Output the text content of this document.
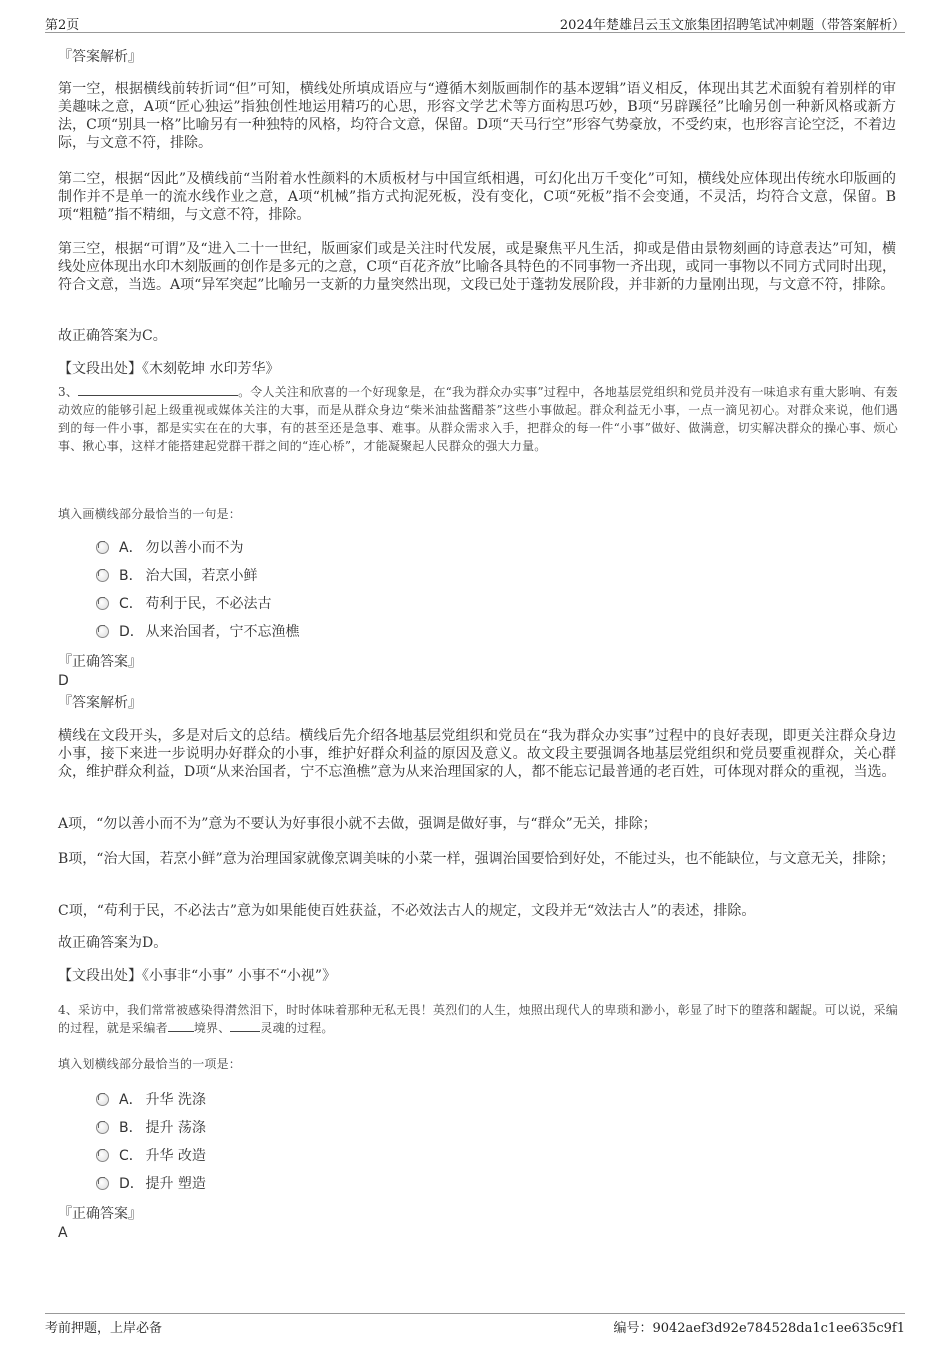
第2页	2024年楚雄吕云玉文旅集团招聘笔试冲刺题（带答案解析）

『答案解析』

第一空，根据横线前转折词“但”可知，横线处所填成语应与“遵循木刻版画制作的基本逻辑”语义相反，体现出其艺术面貌有着别样的审美趣味之意，A项“匠心独运”指独创性地运用精巧的心思，形容文学艺术等方面构思巧妙，B项“另辟蹊径”比喻另创一种新风格或新方法，C项“别具一格”比喻另有一种独特的风格，均符合文意，保留。D项“天马行空”形容气势豪放，不受约束，也形容言论空泛，不着边际，与文意不符，排除。

第二空，根据“因此”及横线前“当附着水性颜料的木质板材与中国宣纸相遇，可幻化出万千变化”可知，横线处应体现出传统水印版画的制作并不是单一的流水线作业之意，A项“机械”指方式拘泥死板，没有变化，C项“死板”指不会变通，不灵活，均符合文意，保留。B项“粗糙”指不精细，与文意不符，排除。

第三空，根据“可谓”及“进入二十一世纪，版画家们或是关注时代发展，或是聚焦平凡生活，抑或是借由景物刻画的诗意表达”可知，横线处应体现出水印木刻版画的创作是多元的之意，C项“百花齐放”比喻各具特色的不同事物一齐出现，或同一事物以不同方式同时出现，符合文意，当选。A项“异军突起”比喻另一支新的力量突然出现，文段已处于蓬勃发展阶段，并非新的力量刚出现，与文意不符，排除。

故正确答案为C。

【文段出处】《木刻乾坤 水印芳华》

3、	。令人关注和欣喜的一个好现象是，在“我为群众办实事”过程中，各地基层党组织和党员并没有一味追求有重大影响、有轰动效应的能够引起上级重视或媒体关注的大事，而是从群众身边“柴米油盐酱醋茶”这些小事做起。群众利益无小事，一点一滴见初心。对群众来说，他们遇到的每一件小事，都是实实在在的大事，有的甚至还是急事、难事。从群众需求入手，把群众的每一件“小事”做好、做满意，切实解决群众的操心事、烦心事、揪心事，这样才能搭建起党群干群之间的“连心桥”，才能凝聚起人民群众的强大力量。

填入画横线部分最恰当的一句是：

A． 勿以善小而不为
B． 治大国，若烹小鲜
C． 苟利于民，不必法古
D． 从来治国者，宁不忘渔樵

『正确答案』

D

『答案解析』

横线在文段开头，多是对后文的总结。横线后先介绍各地基层党组织和党员在“我为群众办实事”过程中的良好表现，即更关注群众身边小事，接下来进一步说明办好群众的小事，维护好群众利益的原因及意义。故文段主要强调各地基层党组织和党员要重视群众，关心群众，维护群众利益，D项“从来治国者，宁不忘渔樵”意为从来治理国家的人，都不能忘记最普通的老百姓，可体现对群众的重视，当选。

A项，“勿以善小而不为”意为不要认为好事很小就不去做，强调是做好事，与“群众”无关，排除；

B项，“治大国，若烹小鲜”意为治理国家就像烹调美味的小菜一样，强调治国要恰到好处，不能过头，也不能缺位，与文意无关，排除；

C项，“苟利于民，不必法古”意为如果能使百姓获益，不必效法古人的规定，文段并无“效法古人”的表述，排除。

故正确答案为D。

【文段出处】《小事非“小事” 小事不“小视”》

4、采访中，我们常常被感染得潸然泪下，时时体味着那种无私无畏！英烈们的人生，烛照出现代人的卑琐和渺小，彰显了时下的堕落和龌龊。可以说，采编的过程，就是采编者 境界、	灵魂的过程。

填入划横线部分最恰当的一项是：

A． 升华 洗涤
B． 提升 荡涤
C． 升华 改造
D． 提升 塑造

『正确答案』

A

考前押题，上岸必备	编号：9042aef3d92e784528da1c1ee635c9f1
